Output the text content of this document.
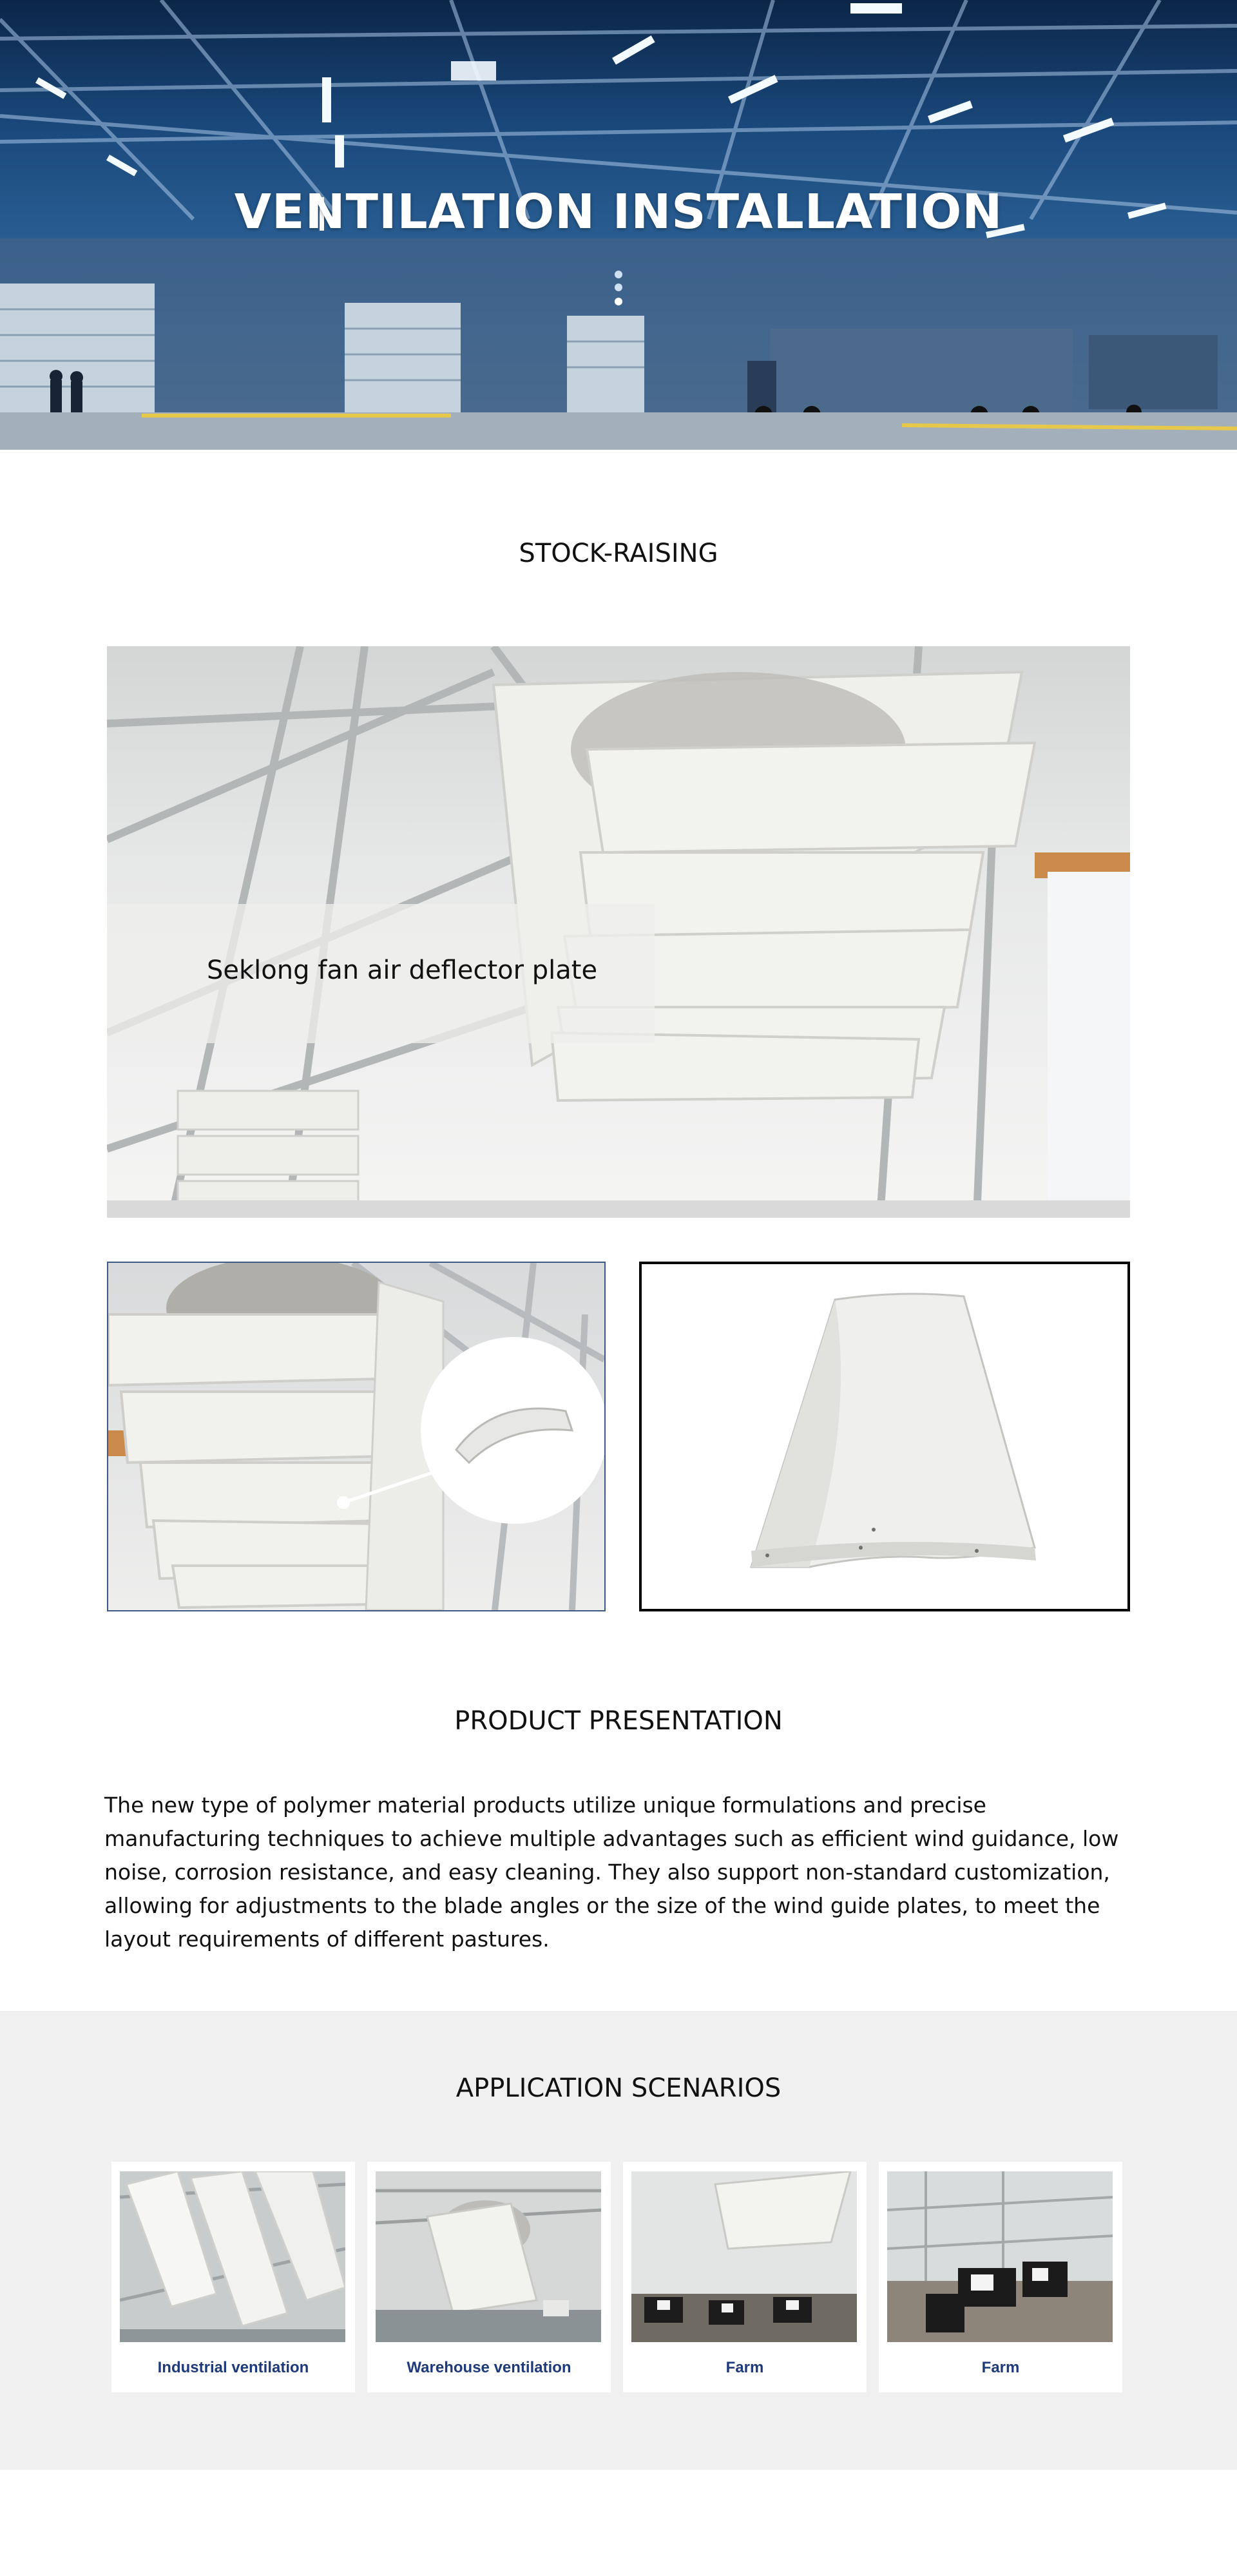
VENTILATION INSTALLATION
STOCK-RAISING
Seklong fan air deflector plate
PRODUCT PRESENTATION

The new type of polymer material products utilize unique formulations and precise manufacturing techniques to achieve multiple advantages such as efficient wind guidance, low noise, corrosion resistance, and easy cleaning. They also support non-standard customization, allowing for adjustments to the blade angles or the size of the wind guide plates, to meet the layout requirements of different pastures.

APPLICATION SCENARIOS
Industrial ventilation	Warehouse ventilation	Farm	Farm
